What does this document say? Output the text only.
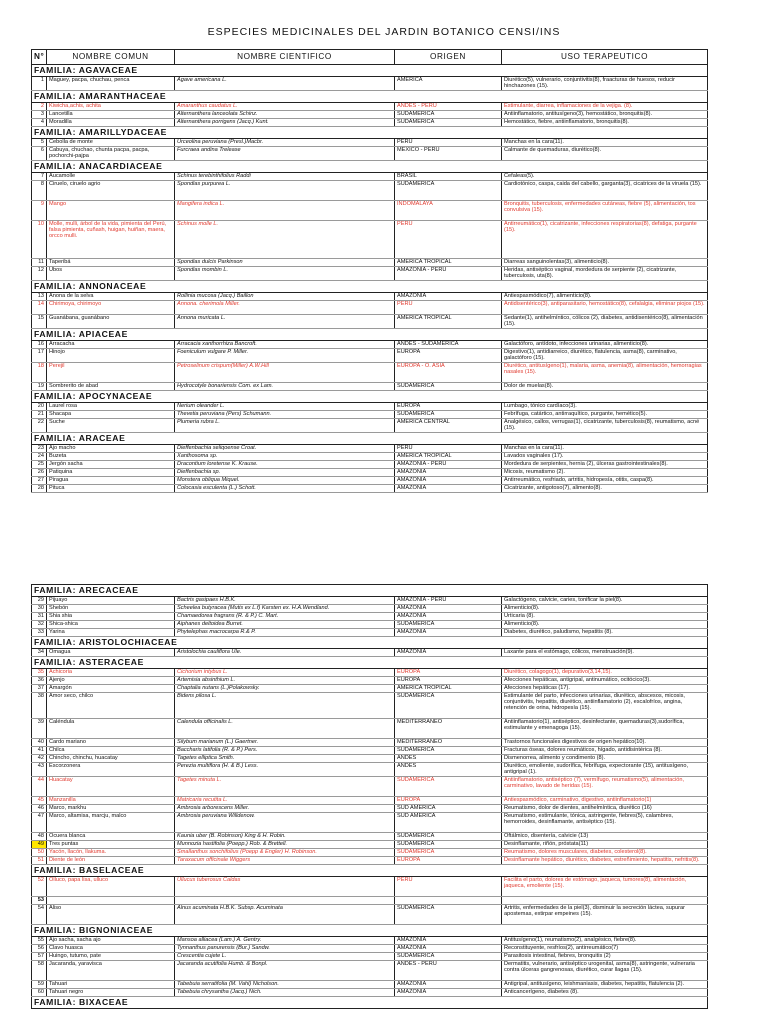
ESPECIES MEDICINALES DEL JARDIN BOTANICO CENSI/INS
N°	NOMBRE COMUN	NOMBRE CIENTIFICO	ORIGEN	USO TERAPEUTICO
FAMILIA: AGAVACEAE				
1	Maguey, pacpa, chuchau, penca	Agave americana L.	AMERICA	Diurético(5), vulnerario, conjuntivitis(8), fraacturas de huesos, reducir hinchazones (15).
FAMILIA: AMARANTHACEAE				
2	Kiwicha,achis, achita	Amaranthus caudatus L.	ANDES - PERU	Estimulante, diarrea, inflamaciones de la vejiga. (8).
3	Lancetilla	Alternanthera lanceolata Schinz.	SUDAMERICA	Antiinflamatorio, antitusígeno(3), hemostático, bronquitis(8).
4	Moradilla	Alternanthera porrigens (Jacq.) Kunt.	SUDAMERICA	Hemostático, fiebre, antiinflamatorio, bronquitis(8).
FAMILIA: AMARILLYDACEAE				
5	Cebolla de monte	Urceolina peruviana (Presl.)Macbr.	PERU	Manchas en la cara(11).
6	Cabuya, chuchao, chunta pacpa, pacpa, pochorchi-pajpa	Furcraea andina Trelease	MEXICO - PERU	Calmante de quemaduras, diurético(8).
FAMILIA: ANACARDIACEAE				
7	Aucamolle	Schinus terebinthifolius Raddi	BRASIL	Cefaleas(5).
8	Ciruelo, ciruelo agrio	Spondias purpurea L.	SUDAMERICA	Cardiotónico, caspa, caida del cabello, garganta(3), cicatrices de la viruela (15).
9	Mango	Mangifera indica L.	INDOMALAYA	Bronquitis, tuberculosis, enfermedades cutáneas, fiebre (5), alimentación, tos convulsiva (15).
10	Molle, mulli, árbol de la vida, pimienta del Perú, falsa pimienta, cuñash, huigan, huiñan, maera, orcco mulli.	Schinus molle L.	PERU	Antirreumático(1), cicatrizante, infecciones respiratorias(8), defatiga, purgante (15).
11	Taperibá	Spondias dulcis Parkinson	AMERICA TROPICAL	Diarreas sanguinolentas(3), alimenticio(8).
12	Ubos	Spondias mombin L.	AMAZONIA - PERU	Heridas, antiséptico vaginal, mordedura de serpiente (2), cicatrizante, tuberculosis, uta(8).
FAMILIA: ANNONACEAE				
13	Anona de la selva	Rollinia mucosa (Jacq.) Baillon	AMAZONIA	Antiespasmódico(7), alimenticio(8).
14	Chirimoya, chirimoyo	Annona. cherimola Miller.	PERU	Antidisentérico(3), antiparasitario, hemostático(8), cefalalgia, eliminar piojos (15).
15	Guanábana, guanábano	Annona muricata L.	AMERICA TROPICAL	Sedante(1), antihelmíntico, cólicos (2), diabetes, antidisentérico(8), alimentación (15).
FAMILIA: APIACEAE				
16	Arracacha	Arracacia xanthorrhiza Bancroft.	ANDES - SUDAMERICA	Galactóforo, antídoto, infecciones urinarias, alimenticio(8).
17	Hinojo	Foeniculum vulgare P. Miller.	EUROPA	Digestivo(1), antidiarreico, diurético, flatulencia, asma(8), carminativo, galactóforo (15).
18	Perejil	Petroselinum crispum(Miller) A.W.Hill	EUROPA - O. ASIA	Diurético, antitusígeno(1), malaria, asma, anemia(8), alimentación, hemorragias nasales (15).
19	Sombrerito de abad	Hydrocotyle bonariensis Com. ex Lam.	SUDAMERICA	Dolor de muelas(8).
FAMILIA: APOCYNACEAE				
20	Laurel rosa	Nerium oleander L.	EUROPA	Lumbago, tónico cardíaco(3).
21	Shacapa	Thevetia peruviana (Pers) Schumann.	SUDAMERICA	Febrífuga, catártico, antirraquítico, purgante, hemético(5).
22	Suche	Plumeria rubra L.	AMERICA CENTRAL	Analgésico, callos, verrugas(1), cicatrizante, tuberculosis(8), reumatismo, acné (15).
FAMILIA: ARACEAE				
23	Ajo macho	Dieffenbachia seliqoense Croat.	PERU	Manchas en la cara(11).
24	Buzeta	Xanthosoma sp.	AMERICA TROPICAL	Lavados vaginales (17).
25	Jergón sacha	Dracontium loretense K. Krause.	AMAZONIA - PERU	Mordedura de serpientes, hernia (2), úlceras gastrointestinales(8).
26	Patiquina	Dieffenbachia sp.	AMAZONIA	Micosis, reumatismo (2).
27	Piragua	Monstera obliqua Miquel.	AMAZONIA	Antirreumático, resfriado, artritis, hidropesía, otitis, caspa(8).
28	Pituca	Colocasia esculenta (L.) Schott.	AMAZONIA	Cicatrizante, antigotoso(7), alimento(8).
FAMILIA: ARECACEAE				
29	Pijuayo	Bactris gasipaes H.B.K.	AMAZONIA - PERU	Galactógeno, calvicie, caries, tonificar la piel(8).
30	Shebón	Scheelea butyracea (Mutis ex L.f) Karsten ex. H.A.Wendland.	AMAZONIA	Alimenticio(8).
31	Shia shia	Chamaedorea fragrans (R. & P.) C. Mart.	AMAZONIA	Urticaria (8).
32	Shica-shica	Aiphanes deltoidea Burret.	SUDAMERICA	Alimenticio(8).
33	Yarina	Phytelephas macrocarpa R.& P.	AMAZONIA	Diabetes, diurético, paludismo, hepatitis (8).
FAMILIA: ARISTOLOCHIACEAE				
34	Omagua	Aristolochia cauliflora Ule.	AMAZONIA	Laxante para el estómago, cólicos, menstruación(9).
FAMILIA: ASTERACEAE				
35	Achicoria	Cichorium intybus L.	EUROPA	Diurético, colagogo(1), depurativo(3,14,15).
36	Ajenjo	Artemisia absinthium L.	EUROPA	Afecciones hepáticas, antigripal, antinumático, ocitócico(3).
37	Amargón	Chaptalia nutans (L.)Polakowsky.	AMERICA TROPICAL	Afecciones hepáticas (17).
38	Amor seco, chilco	Bidens pilosa L.	SUDAMERICA	Estimulante del parto, infecciones urinarias, diurético, abscesos, micosis, conjuntivitis, hepatitis, diurético, antiinflamatorio (2), escalofríos, angina, retención de orina, hidropesía (15).
39	Caléndula	Calendula officinalis L.	MEDITERRANEO	Antiinflamatorio(1), antiséptico, desinfectante, quemaduras(3),sudorífica, estimulante y emenagoga (15).
40	Cardo mariano	Silybum marianum (L.) Gaertner.	MEDITERRANEO	Trastornos funcionales digestivos de origen hepático(10).
41	Chilca	Baccharis latifolia (R. & P.) Pers.	SUDAMERICA	Fracturas óseas, dolores reumáticos, hígado, antidisintérica (8).
42	Chincho, chinchu, huacatay	Tagetes elliptica Smith.	ANDES	Dismenorrea, alimento y condimento (8).
43	Escorzonera	Perezia multiflora (H. & B.) Less.	ANDES	Diurético, emoliente, sudorífica, febrífuga, expectorante (15), antitusígeno, antigripal (1).
44	Huacatay	Tagetes minuta L.	SUDAMERICA	Antiinflamatorio, antiséptico (7), vermífugo, reumatismo(5), alimentación, carminativo, lavado de heridas (15).
45	Manzanilla	Matricaria recutita L.	EUROPA	Antiespasmódico, carminativo, digestivo, antiinflamatorio(1)
46	Marco, markhu	Ambrosia arborescens Miller.	SUD AMERICA	Reumatismo, dolor de dientes, antihelmíntica, diurético (16)
47	Marco, altamisa, marcju, malco	Ambrosia peruviana Willdenow.	SUD AMERICA	Reumatismo, estimulante, tónica, astringente, fiebres(5), calambres, hemorroides, desinflamante, antiséptico (15).
48	Ocuera blanca	Kaunia uber (B. Robinson) King & H. Robin.	SUDAMERICA	Oftálmico, disentería, calvicie (13)
49	Tres puntas	Munnozia hastifolia (Poepp.) Rob. & Brettell.	SUDAMERICA	Desinflamante, riñón, próstata(11)
50	Yacón, llacón, llakuma.	Smallanthus sonchifolius (Poepp & Engler) H. Robinson.	SUDAMERICA	Reumatismo, dolores musculares, diabetes, colesterol(8).
51	Diente de león	Taraxacum officinale Wiggers	EUROPA	Desinflamante hepático, diurético, diabetes, estreñimiento, hepatitis, nefritis(8).
FAMILIA: BASELACEAE				
52	Olluco, papa lisa, ulluco	Ullucus tuberosus Caldas	PERU	Facilita el parto, dolores de estómago, jaqueca, tumores(8), alimentación, jaqueca, emoliente (15).
53				
54	Aliso	Alnus acuminata H.B.K. Subsp. Acuminata	SUDAMERICA	Artritis, enfermedades de la piel(3), disminuir la secreción láctea, supurar apostemas, extirpar empeines (15).
FAMILIA: BIGNONIACEAE				
55	Ajo sacha, sacha ajo	Mansoa alliacea (Lam.) A. Gentry.	AMAZONIA	Antitusígeno(1), reumatismo(2), analgésico, fiebre(8).
56	Clavo huasca	Tynnanthus panurensis (Bur.) Sandw.	AMAZONIA	Reconstituyente, resfríos(2), antirreumático(7)
57	Huingo, tutumo, pate	Crescentia cujete L.	SUDAMERICA	Parasitosis intestinal, fiebres, bronquitis (2)
58	Jacaranda, yaravisca	Jacaranda acutifolia Humb. & Bonpl.	ANDES - PERU	Dermatitis, vulnerario, antiséptico urogenital, asma(8), astringente, vulneraria contra úlceras gangrenosas, diurético, curar llagas (15).
59	Tahuari	Tabebuia serratifolia (M. Vahl) Nicholson.	AMAZONIA	Antigripal, antitusígeno, leishmaniasis, diabetes, hepatitis, flatulencia (2).
60	Tahuari negro	Tabebuia chrysantha (Jacq.) Nich.	AMAZONIA	Anticancerígeno, diabetes (8).
FAMILIA: BIXACEAE				
